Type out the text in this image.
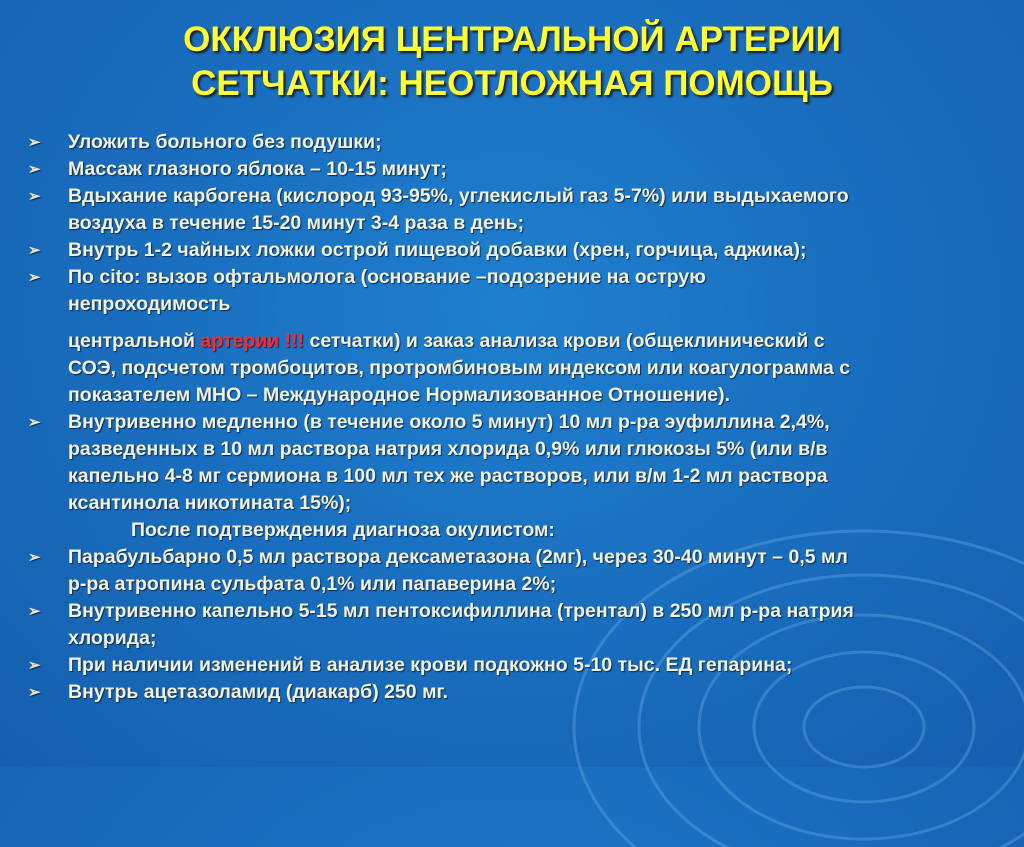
ОККЛЮЗИЯ ЦЕНТРАЛЬНОЙ АРТЕРИИ
СЕТЧАТКИ: НЕОТЛОЖНАЯ ПОМОЩЬ

➢ Уложить больного без подушки;

➢ Массаж глазного яблока – 10-15 минут;

➢ Вдыхание карбогена (кислород 93-95%, углекислый газ 5-7%) или выдыхаемого
воздуха в течение 15-20 минут 3-4 раза в день;

➢ Внутрь 1-2 чайных ложки острой пищевой добавки (хрен, горчица, аджика);

➢ По cito: вызов офтальмолога (основание –подозрение на острую
непроходимость

центральной артерии !!! сетчатки) и заказ анализа крови (общеклинический с
СОЭ, подсчетом тромбоцитов, протромбиновым индексом или коагулограмма с
показателем МНО – Международное Нормализованное Отношение).

➢ Внутривенно медленно (в течение около 5 минут) 10 мл р-ра эуфиллина 2,4%,
разведенных в 10 мл раствора натрия хлорида 0,9% или глюкозы 5% (или в/в
капельно 4-8 мг сермиона в 100 мл тех же растворов, или в/м 1-2 мл раствора
ксантинола никотината 15%);

После подтверждения диагноза окулистом:

➢ Парабульбарно 0,5 мл раствора дексаметазона (2мг), через 30-40 минут – 0,5 мл
р-ра атропина сульфата 0,1% или папаверина 2%;

➢ Внутривенно капельно 5-15 мл пентоксифиллина (трентал) в 250 мл р-ра натрия
хлорида;

➢ При наличии изменений в анализе крови подкожно 5-10 тыс. ЕД гепарина;

➢ Внутрь ацетазоламид (диакарб) 250 мг.
